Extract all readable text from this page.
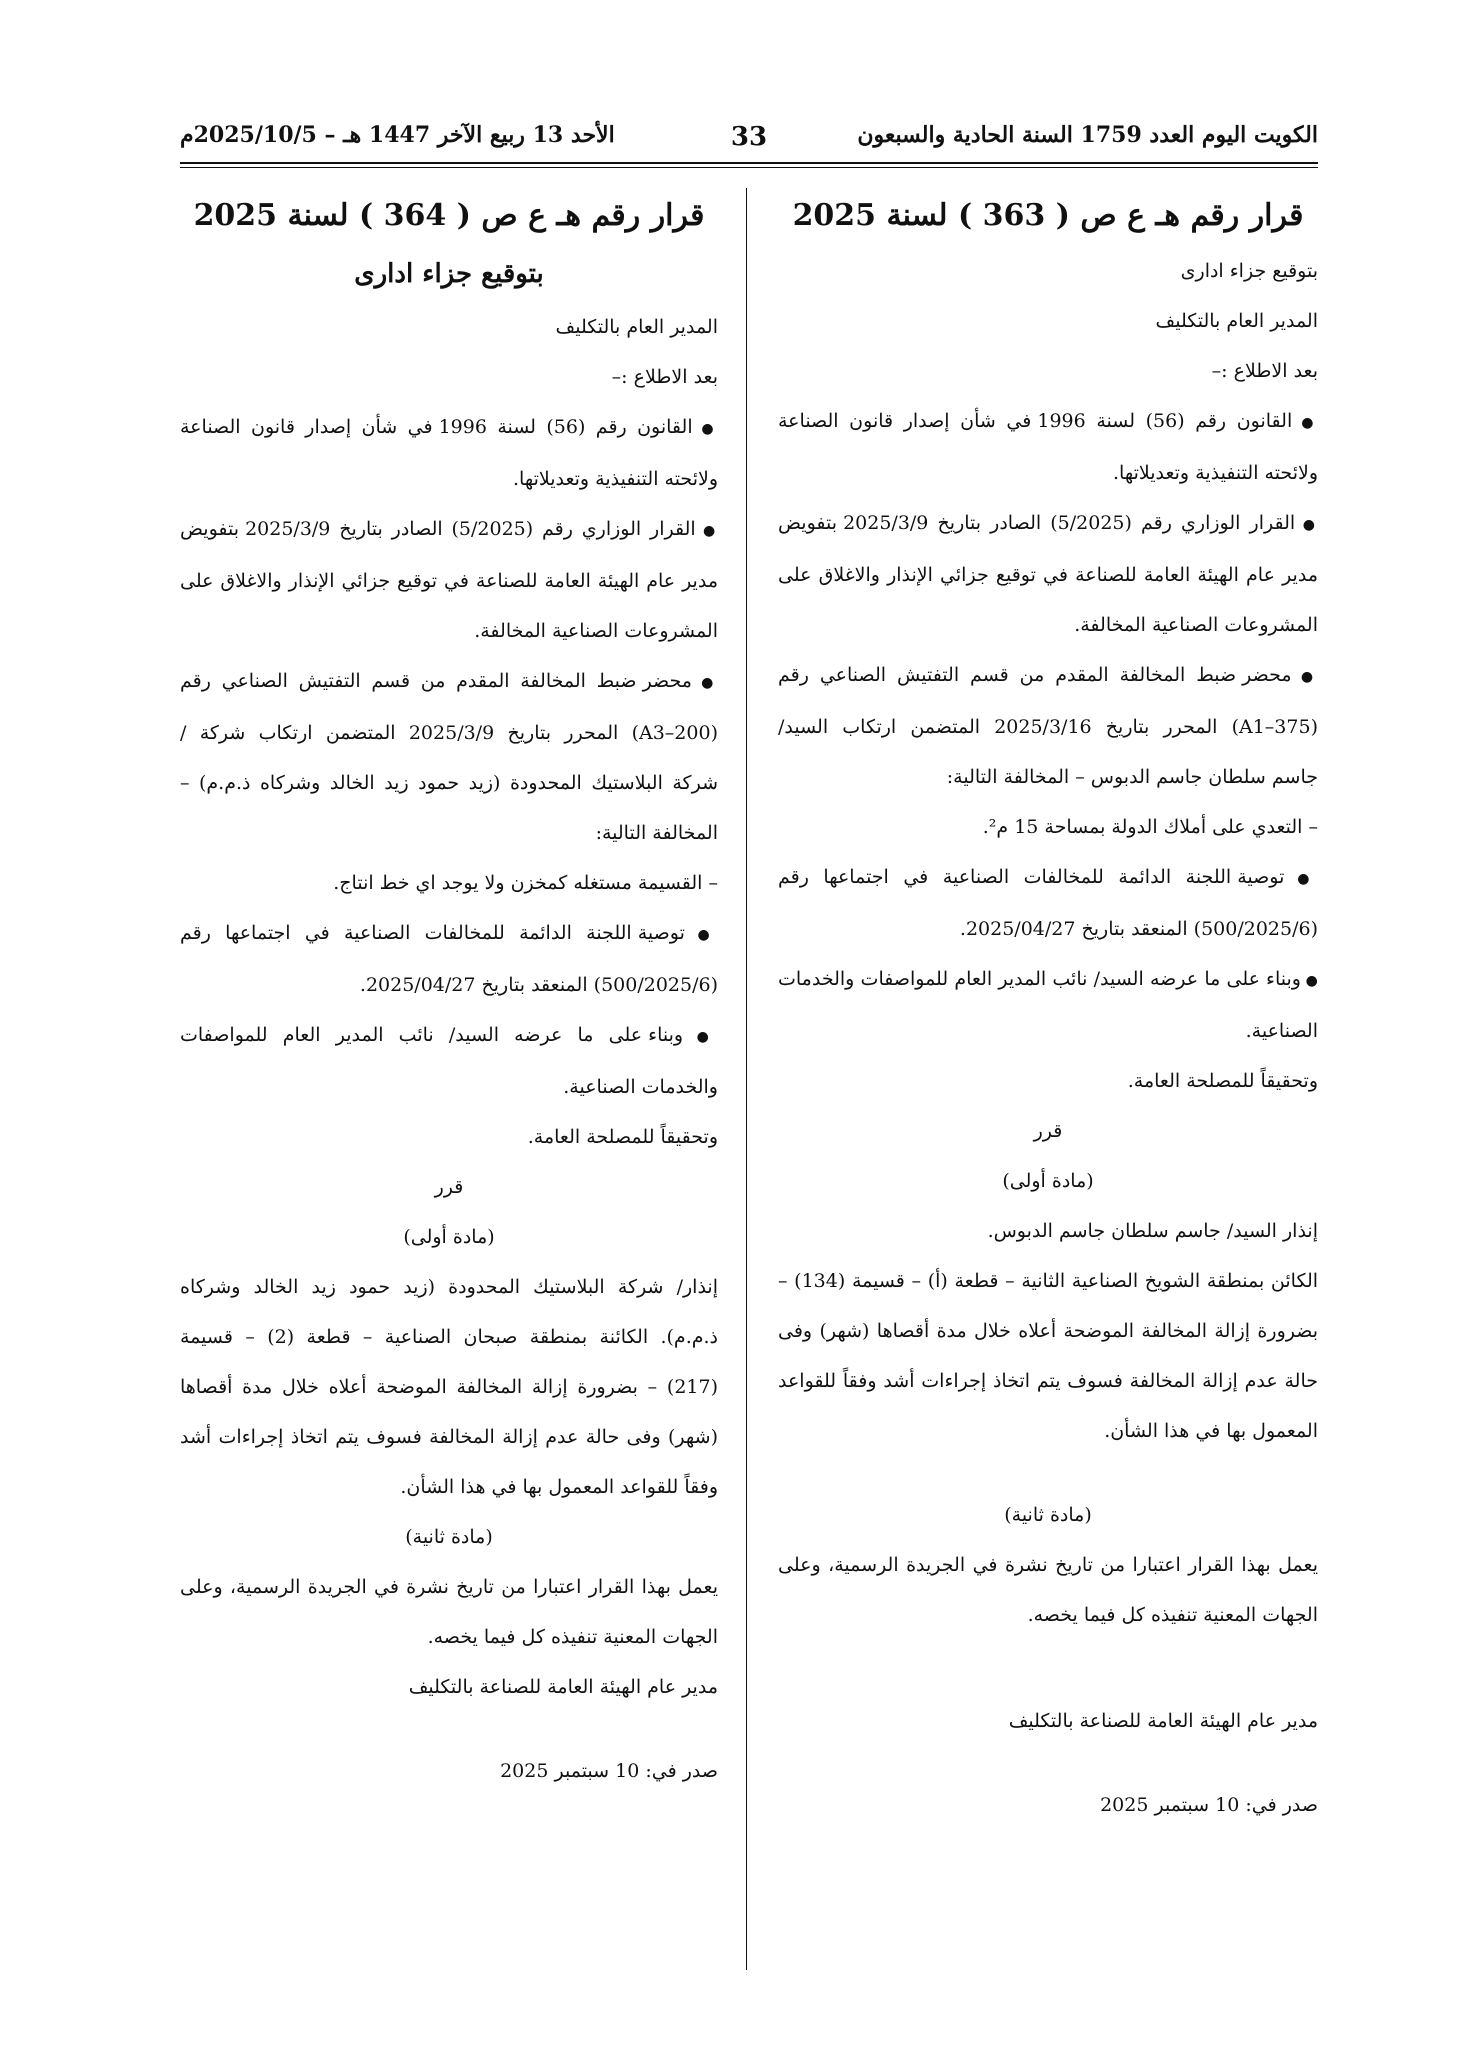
الكويت اليوم العدد 1759 السنة الحادية والسبعون
33
الأحد 13 ربيع الآخر 1447 هـ – 2025/10/5م
قرار رقم هـ ع ص ( 363 ) لسنة 2025
بتوقيع جزاء اداری
المدير العام بالتكليف
بعد الاطلاع :–
● القانون رقم (56) لسنة 1996 في شأن إصدار قانون الصناعة ولائحته التنفيذية وتعديلاتها.
● القرار الوزاري رقم (5/2025) الصادر بتاريخ 2025/3/9 بتفويض مدير عام الهيئة العامة للصناعة في توقيع جزائي الإنذار والاغلاق على المشروعات الصناعية المخالفة.
● محضر ضبط المخالفة المقدم من قسم التفتيش الصناعي رقم (A1–375) المحرر بتاريخ 2025/3/16 المتضمن ارتكاب السيد/ جاسم سلطان جاسم الدبوس – المخالفة التالية:
– التعدي على أملاك الدولة بمساحة 15 م².
● توصية اللجنة الدائمة للمخالفات الصناعية في اجتماعها رقم (500/2025/6) المنعقد بتاريخ 2025/04/27.
● وبناء على ما عرضه السيد/ نائب المدير العام للمواصفات والخدمات الصناعية.
وتحقيقاً للمصلحة العامة.
قرر
(مادة أولى)
إنذار السيد/ جاسم سلطان جاسم الدبوس.
الكائن بمنطقة الشويخ الصناعية الثانية – قطعة (أ) – قسيمة (134) – بضرورة إزالة المخالفة الموضحة أعلاه خلال مدة أقصاها (شهر) وفى حالة عدم إزالة المخالفة فسوف يتم اتخاذ إجراءات أشد وفقاً للقواعد المعمول بها في هذا الشأن.
(مادة ثانية)
يعمل بهذا القرار اعتبارا من تاريخ نشرة في الجريدة الرسمية، وعلى الجهات المعنية تنفيذه كل فيما يخصه.
مدير عام الهيئة العامة للصناعة بالتكليف
صدر في: 10 سبتمبر 2025
قرار رقم هـ ع ص ( 364 ) لسنة 2025
بتوقيع جزاء اداری
المدير العام بالتكليف
بعد الاطلاع :–
● القانون رقم (56) لسنة 1996 في شأن إصدار قانون الصناعة ولائحته التنفيذية وتعديلاتها.
● القرار الوزاري رقم (5/2025) الصادر بتاريخ 2025/3/9 بتفويض مدير عام الهيئة العامة للصناعة في توقيع جزائي الإنذار والاغلاق على المشروعات الصناعية المخالفة.
● محضر ضبط المخالفة المقدم من قسم التفتيش الصناعي رقم (A3–200) المحرر بتاريخ 2025/3/9 المتضمن ارتكاب شركة / شركة البلاستيك المحدودة (زيد حمود زيد الخالد وشركاه ذ.م.م) – المخالفة التالية:
– القسيمة مستغله كمخزن ولا يوجد اي خط انتاج.
● توصية اللجنة الدائمة للمخالفات الصناعية في اجتماعها رقم (500/2025/6) المنعقد بتاريخ 2025/04/27.
● وبناء على ما عرضه السيد/ نائب المدير العام للمواصفات والخدمات الصناعية.
وتحقيقاً للمصلحة العامة.
قرر
(مادة أولى)
إنذار/ شركة البلاستيك المحدودة (زيد حمود زيد الخالد وشركاه ذ.م.م). الكائنة بمنطقة صبحان الصناعية – قطعة (2) – قسيمة (217) – بضرورة إزالة المخالفة الموضحة أعلاه خلال مدة أقصاها (شهر) وفى حالة عدم إزالة المخالفة فسوف يتم اتخاذ إجراءات أشد وفقاً للقواعد المعمول بها في هذا الشأن.
(مادة ثانية)
يعمل بهذا القرار اعتبارا من تاريخ نشرة في الجريدة الرسمية، وعلى الجهات المعنية تنفيذه كل فيما يخصه.
مدير عام الهيئة العامة للصناعة بالتكليف
صدر في: 10 سبتمبر 2025
